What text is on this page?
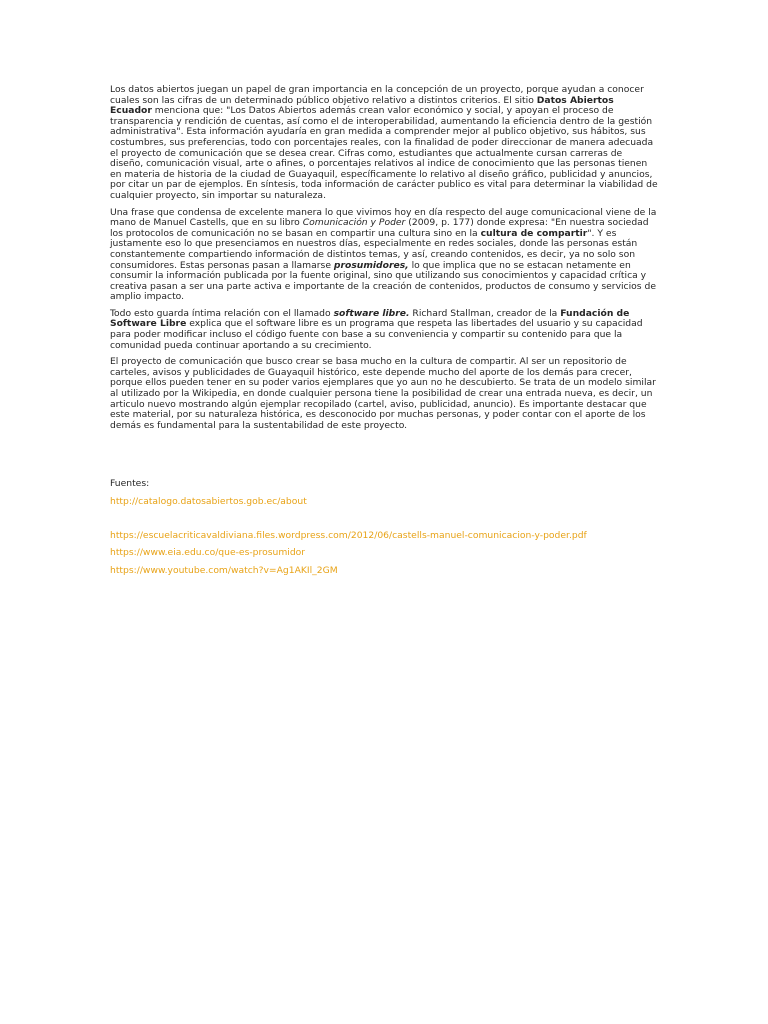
Los datos abiertos juegan un papel de gran importancia en la concepción de un proyecto, porque ayudan a conocer cuales son las cifras de un determinado público objetivo relativo a distintos criterios. El sitio Datos Abiertos Ecuador menciona que: "Los Datos Abiertos además crean valor económico y social, y apoyan el proceso de transparencia y rendición de cuentas, así como el de interoperabilidad, aumentando la eficiencia dentro de la gestión administrativa". Esta información ayudaría en gran medida a comprender mejor al publico objetivo, sus hábitos, sus costumbres, sus preferencias, todo con porcentajes reales, con la finalidad de poder direccionar de manera adecuada el proyecto de comunicación que se desea crear. Cifras como, estudiantes que actualmente cursan carreras de diseño, comunicación visual, arte o afines, o porcentajes relativos al indice de conocimiento que las personas tienen en materia de historia de la ciudad de Guayaquil, específicamente lo relativo al diseño gráfico, publicidad y anuncios, por citar un par de ejemplos. En síntesis, toda información de carácter publico es vital para determinar la viabilidad de cualquier proyecto, sin importar su naturaleza.

Una frase que condensa de excelente manera lo que vivimos hoy en día respecto del auge comunicacional viene de la mano de Manuel Castells, que en su libro Comunicación y Poder (2009, p. 177) donde expresa: "En nuestra sociedad los protocolos de comunicación no se basan en compartir una cultura sino en la cultura de compartir". Y es justamente eso lo que presenciamos en nuestros días, especialmente en redes sociales, donde las personas están constantemente compartiendo información de distintos temas, y así, creando contenidos, es decir, ya no solo son consumidores. Estas personas pasan a llamarse prosumidores, lo que implica que no se estacan netamente en consumir la información publicada por la fuente original, sino que utilizando sus conocimientos y capacidad crítica y creativa pasan a ser una parte activa e importante de la creación de contenidos, productos de consumo y servicios de amplio impacto.

Todo esto guarda íntima relación con el llamado software libre. Richard Stallman, creador de la Fundación de Software Libre explica que el software libre es un programa que respeta las libertades del usuario y su capacidad para poder modificar incluso el código fuente con base a su conveniencia y compartir su contenido para que la comunidad pueda continuar aportando a su crecimiento.

El proyecto de comunicación que busco crear se basa mucho en la cultura de compartir. Al ser un repositorio de carteles, avisos y publicidades de Guayaquil histórico, este depende mucho del aporte de los demás para crecer, porque ellos pueden tener en su poder varios ejemplares que yo aun no he descubierto. Se trata de un modelo similar al utilizado por la Wikipedia, en donde cualquier persona tiene la posibilidad de crear una entrada nueva, es decir, un articulo nuevo mostrando algún ejemplar recopilado (cartel, aviso, publicidad, anuncio). Es importante destacar que este material, por su naturaleza histórica, es desconocido por muchas personas, y poder contar con el aporte de los demás es fundamental para la sustentabilidad de este proyecto.

Fuentes:

http://catalogo.datosabiertos.gob.ec/about
https://escuelacriticavaldiviana.files.wordpress.com/2012/06/castells-manuel-comunicacion-y-poder.pdf
https://www.eia.edu.co/que-es-prosumidor
https://www.youtube.com/watch?v=Ag1AKIl_2GM
